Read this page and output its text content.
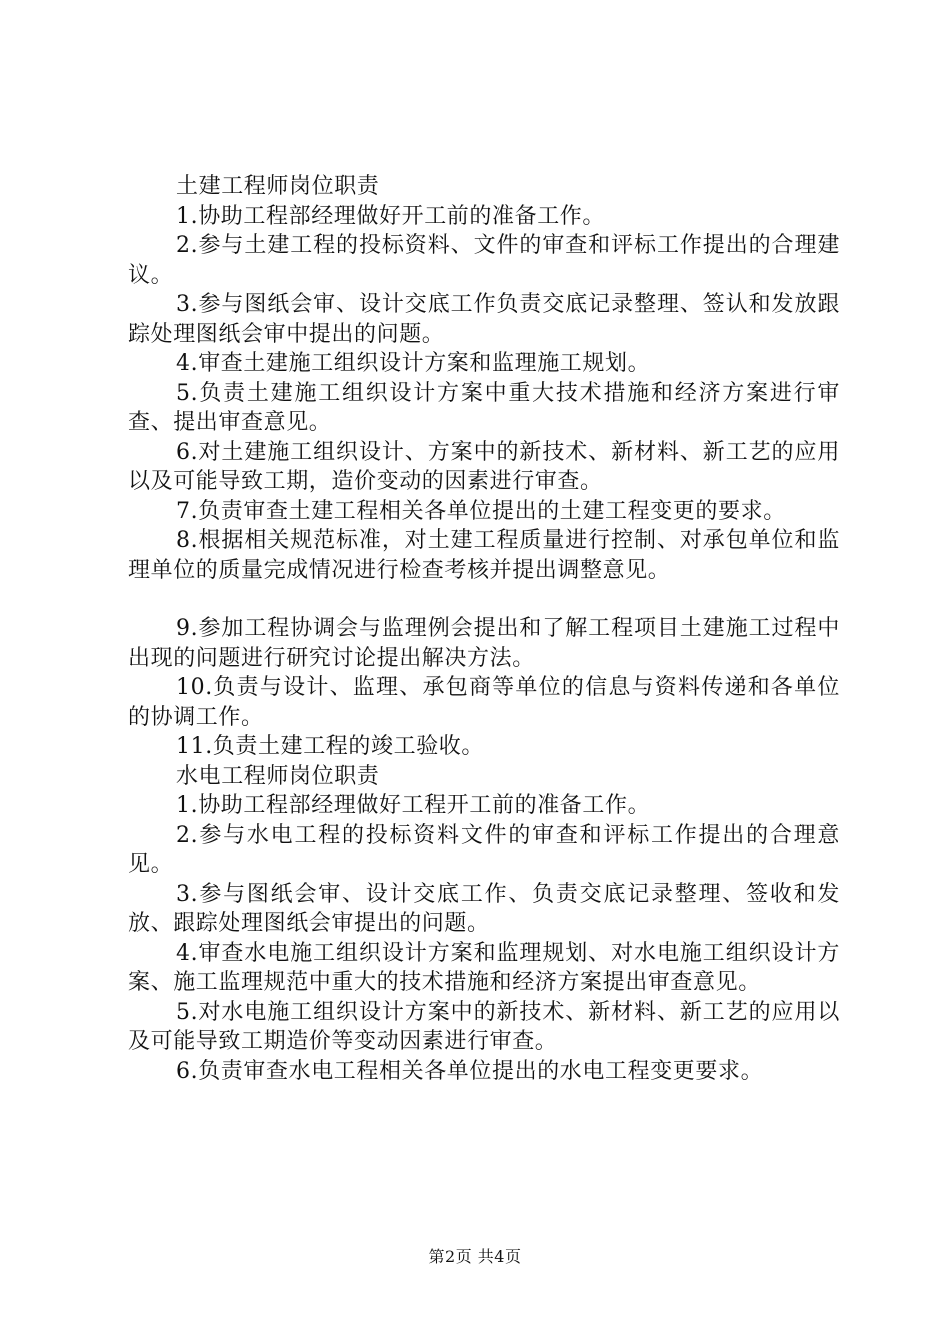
土建工程师岗位职责

1.协助工程部经理做好开工前的准备工作。

2.参与土建工程的投标资料、文件的审查和评标工作提出的合理建议。

3.参与图纸会审、设计交底工作负责交底记录整理、签认和发放跟踪处理图纸会审中提出的问题。

4.审查土建施工组织设计方案和监理施工规划。

5.负责土建施工组织设计方案中重大技术措施和经济方案进行审查、提出审查意见。

6.对土建施工组织设计、方案中的新技术、新材料、新工艺的应用以及可能导致工期，造价变动的因素进行审查。

7.负责审查土建工程相关各单位提出的土建工程变更的要求。

8.根据相关规范标准，对土建工程质量进行控制、对承包单位和监理单位的质量完成情况进行检查考核并提出调整意见。

9.参加工程协调会与监理例会提出和了解工程项目土建施工过程中出现的问题进行研究讨论提出解决方法。

10.负责与设计、监理、承包商等单位的信息与资料传递和各单位的协调工作。

11.负责土建工程的竣工验收。

水电工程师岗位职责

1.协助工程部经理做好工程开工前的准备工作。

2.参与水电工程的投标资料文件的审查和评标工作提出的合理意见。

3.参与图纸会审、设计交底工作、负责交底记录整理、签收和发放、跟踪处理图纸会审提出的问题。

4.审查水电施工组织设计方案和监理规划、对水电施工组织设计方案、施工监理规范中重大的技术措施和经济方案提出审查意见。

5.对水电施工组织设计方案中的新技术、新材料、新工艺的应用以及可能导致工期造价等变动因素进行审查。

6.负责审查水电工程相关各单位提出的水电工程变更要求。

第2页 共4页
